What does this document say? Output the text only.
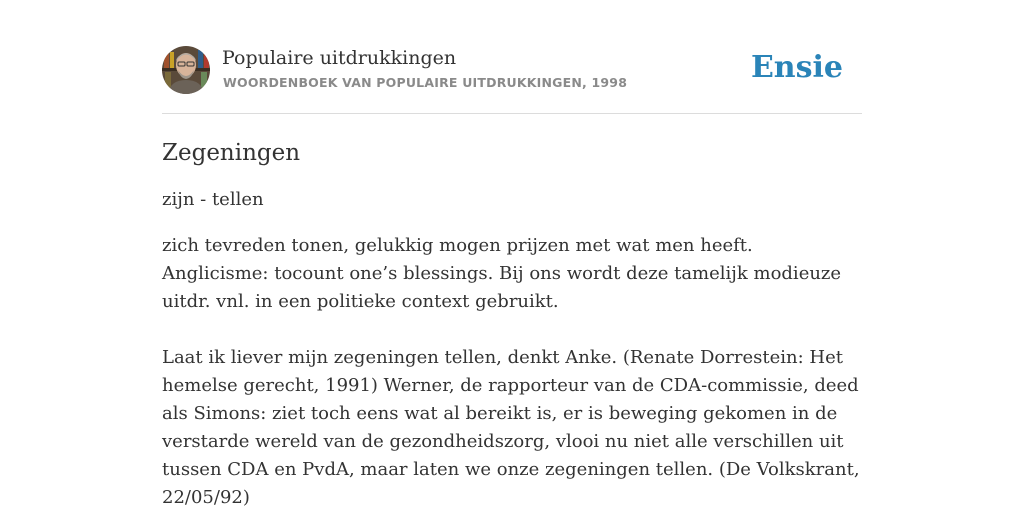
Populaire uitdrukkingen
WOORDENBOEK VAN POPULAIRE UITDRUKKINGEN, 1998	Ensie
Zegeningen
zijn - tellen
zich tevreden tonen, gelukkig mogen prijzen met wat men heeft. Anglicisme: tocount one’s blessings. Bij ons wordt deze tamelijk modieuze uitdr. vnl. in een politieke context gebruikt.
Laat ik liever mijn zegeningen tellen, denkt Anke. (Renate Dorrestein: Het hemelse gerecht, 1991) Werner, de rapporteur van de CDA-commissie, deed als Simons: ziet toch eens wat al bereikt is, er is beweging gekomen in de verstarde wereld van de gezondheidszorg, vlooi nu niet alle verschillen uit tussen CDA en PvdA, maar laten we onze zegeningen tellen. (De Volkskrant, 22/05/92)
